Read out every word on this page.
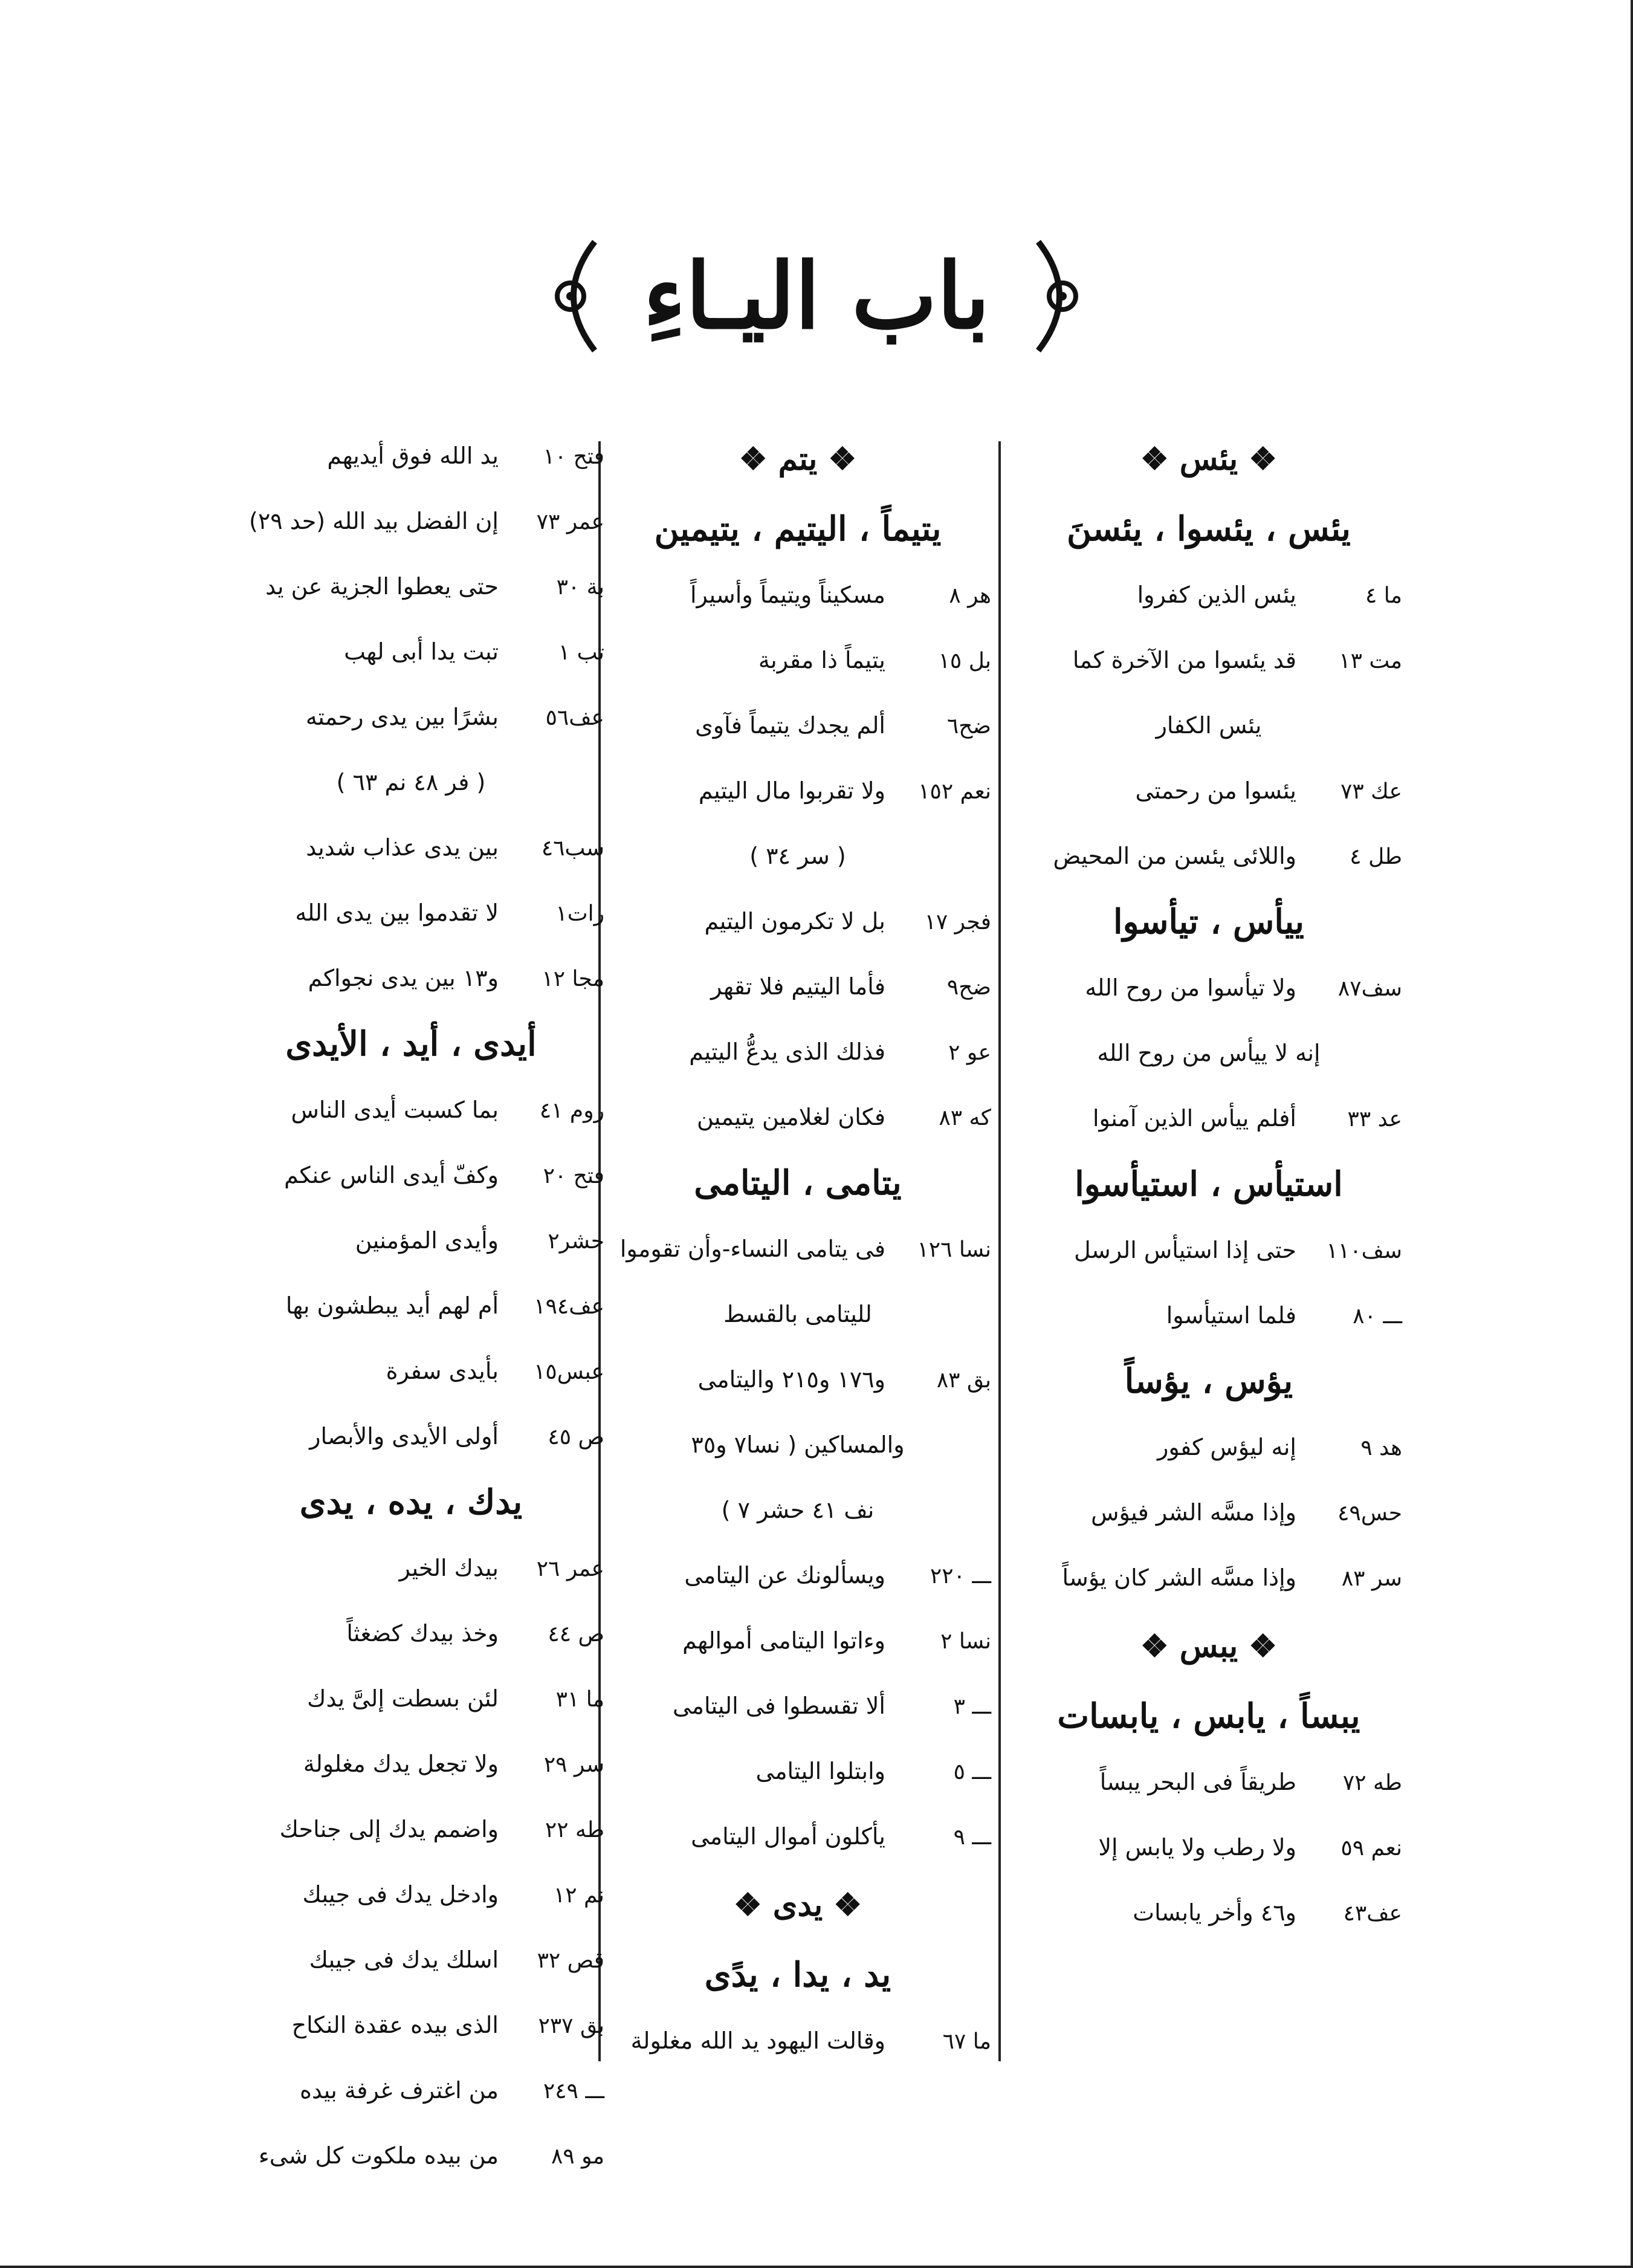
باب اليـاءِ
❖ يئس ❖
يئس ، يئسوا ، يئسنَ
ما ٤
يئس الذين كفروا
مت ١٣
قد يئسوا من الآخرة كما
يئس الكفار
عك ٧٣
يئسوا من رحمتى
طل ٤
واللائى يئسن من المحيض
ييأس ، تيأسوا
سف٨٧
ولا تيأسوا من روح الله
إنه لا ييأس من روح الله
عد ٣٣
أفلم ييأس الذين آمنوا
استيأس ، استيأسوا
سف١١٠
حتى إذا استيأس الرسل
ـــ ٨٠
فلما استيأسوا
يؤس ، يؤساً
هد ٩
إنه ليؤس كفور
حس٤٩
وإذا مسَّه الشر فيؤس
سر ٨٣
وإذا مسَّه الشر كان يؤساً
❖ يبس ❖
يبساً ، يابس ، يابسات
طه ٧٢
طريقاً فى البحر يبساً
نعم ٥٩
ولا رطب ولا يابس إلا
عف٤٣
و٤٦ وأخر يابسات
❖ يتم ❖
يتيماً ، اليتيم ، يتيمين
هر ٨
مسكيناً ويتيماً وأسيراً
بل ١٥
يتيماً ذا مقربة
ضح٦
ألم يجدك يتيماً فآوى
نعم ١٥٢
ولا تقربوا مال اليتيم
( سر ٣٤ )
فجر ١٧
بل لا تكرمون اليتيم
ضح٩
فأما اليتيم فلا تقهر
عو ٢
فذلك الذى يدعُّ اليتيم
كه ٨٣
فكان لغلامين يتيمين
يتامى ، اليتامى
نسا ١٢٦
فى يتامى النساء-وأن تقوموا
لليتامى بالقسط
بق ٨٣
و١٧٦ و٢١٥ واليتامى
والمساكين ( نسا٧ و٣٥
نف ٤١ حشر ٧ )
ـــ ٢٢٠
ويسألونك عن اليتامى
نسا ٢
وءاتوا اليتامى أموالهم
ـــ ٣
ألا تقسطوا فى اليتامى
ـــ ٥
وابتلوا اليتامى
ـــ ٩
يأكلون أموال اليتامى
❖ يدى ❖
يد ، يدا ، يدًى
ما ٦٧
وقالت اليهود يد الله مغلولة
فتح ١٠
يد الله فوق أيديهم
عمر ٧٣
إن الفضل بيد الله (حد ٢٩)
بة ٣٠
حتى يعطوا الجزية عن يد
تب ١
تبت يدا أبى لهب
عف٥٦
بشرًا بين يدى رحمته
( فر ٤٨ نم ٦٣ )
سب٤٦
بين يدى عذاب شديد
رات١
لا تقدموا بين يدى الله
مجا ١٢
و١٣ بين يدى نجواكم
أيدى ، أيد ، الأيدى
روم ٤١
بما كسبت أيدى الناس
فتح ٢٠
وكفّ أيدى الناس عنكم
حشر٢
وأيدى المؤمنين
عف١٩٤
أم لهم أيد يبطشون بها
عبس١٥
بأيدى سفرة
ص ٤٥
أولى الأيدى والأبصار
يدك ، يده ، يدى
عمر ٢٦
بيدك الخير
ص ٤٤
وخذ بيدك كضغثاً
ما ٣١
لئن بسطت إلىَّ يدك
سر ٢٩
ولا تجعل يدك مغلولة
طه ٢٢
واضمم يدك إلى جناحك
نم ١٢
وادخل يدك فى جيبك
قص ٣٢
اسلك يدك فى جيبك
بق ٢٣٧
الذى بيده عقدة النكاح
ـــ ٢٤٩
من اغترف غرفة بيده
مو ٨٩
من بيده ملكوت كل شىء
